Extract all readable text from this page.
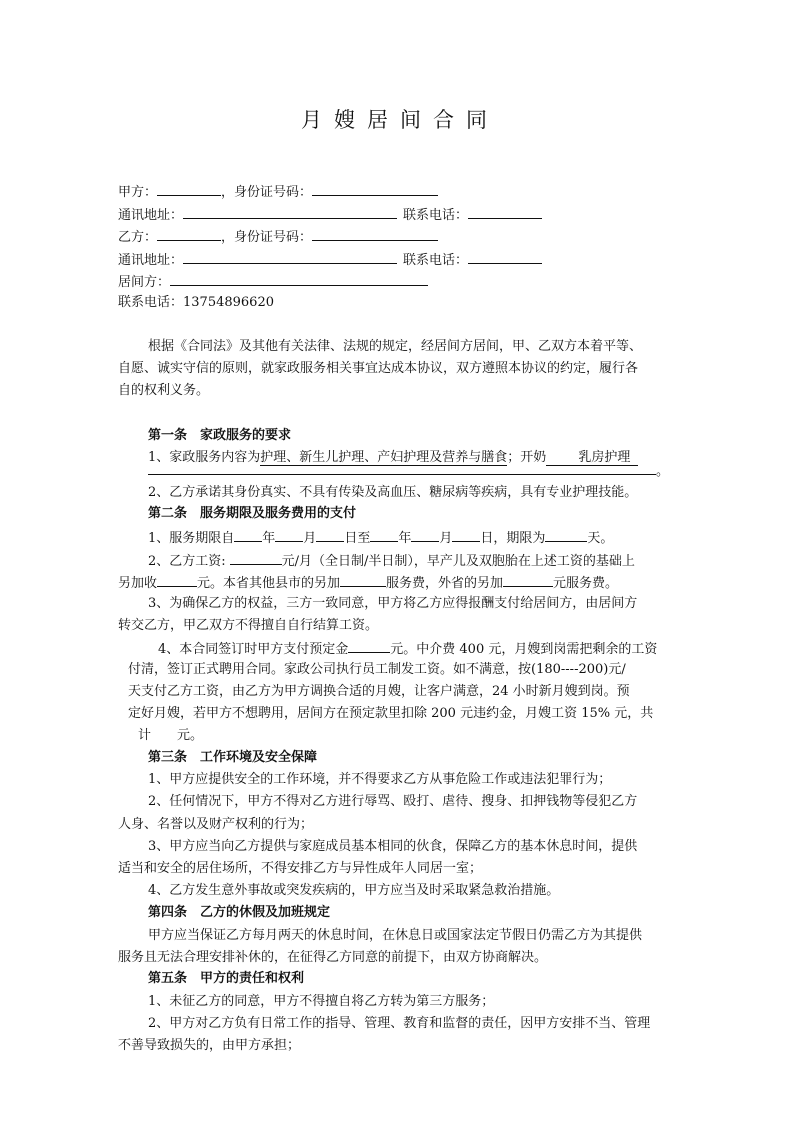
月嫂居间合同
甲方：	，身份证号码：
通讯地址：	联系电话：
乙方：	，身份证号码：
通讯地址：	联系电话：
居间方：
联系电话：13754896620
根据《合同法》及其他有关法律、法规的规定，经居间方居间，甲、乙双方本着平等、
自愿、诚实守信的原则，就家政服务相关事宜达成本协议，双方遵照本协议的约定，履行各
自的权利义务。
第一条　家政服务的要求
1、家政服务内容为护理、新生儿护理、产妇护理及营养与膳食；开奶 乳房护理
。
2、乙方承诺其身份真实、不具有传染及高血压、糖尿病等疾病，具有专业护理技能。
第二条　服务期限及服务费用的支付
1、服务期限自 年 月 日至 年 月 日，期限为	天。
2、乙方工资:	元/月（全日制/半日制），早产儿及双胞胎在上述工资的基础上
另加收	元。本省其他县市的另加	服务费，外省的另加	元服务费。
3、为确保乙方的权益，三方一致同意，甲方将乙方应得报酬支付给居间方，由居间方
转交乙方，甲乙双方不得擅自自行结算工资。
4、本合同签订时甲方支付预定金	元。中介费 400 元，月嫂到岗需把剩余的工资
付清，签订正式聘用合同。家政公司执行员工制发工资。如不满意，按(180----200)元/
天支付乙方工资，由乙方为甲方调换合适的月嫂，让客户满意，24 小时新月嫂到岗。预
定好月嫂，若甲方不想聘用，居间方在预定款里扣除 200 元违约金，月嫂工资 15% 元，共
计　　元。
第三条　工作环境及安全保障
1、甲方应提供安全的工作环境，并不得要求乙方从事危险工作或违法犯罪行为；
2、任何情况下，甲方不得对乙方进行辱骂、殴打、虐待、搜身、扣押钱物等侵犯乙方
人身、名誉以及财产权利的行为；
3、甲方应当向乙方提供与家庭成员基本相同的伙食，保障乙方的基本休息时间，提供
适当和安全的居住场所，不得安排乙方与异性成年人同居一室；
4、乙方发生意外事故或突发疾病的，甲方应当及时采取紧急救治措施。
第四条　乙方的休假及加班规定
甲方应当保证乙方每月两天的休息时间，在休息日或国家法定节假日仍需乙方为其提供
服务且无法合理安排补休的，在征得乙方同意的前提下，由双方协商解决。
第五条　甲方的责任和权利
1、未征乙方的同意，甲方不得擅自将乙方转为第三方服务；
2、甲方对乙方负有日常工作的指导、管理、教育和监督的责任，因甲方安排不当、管理
不善导致损失的，由甲方承担；
